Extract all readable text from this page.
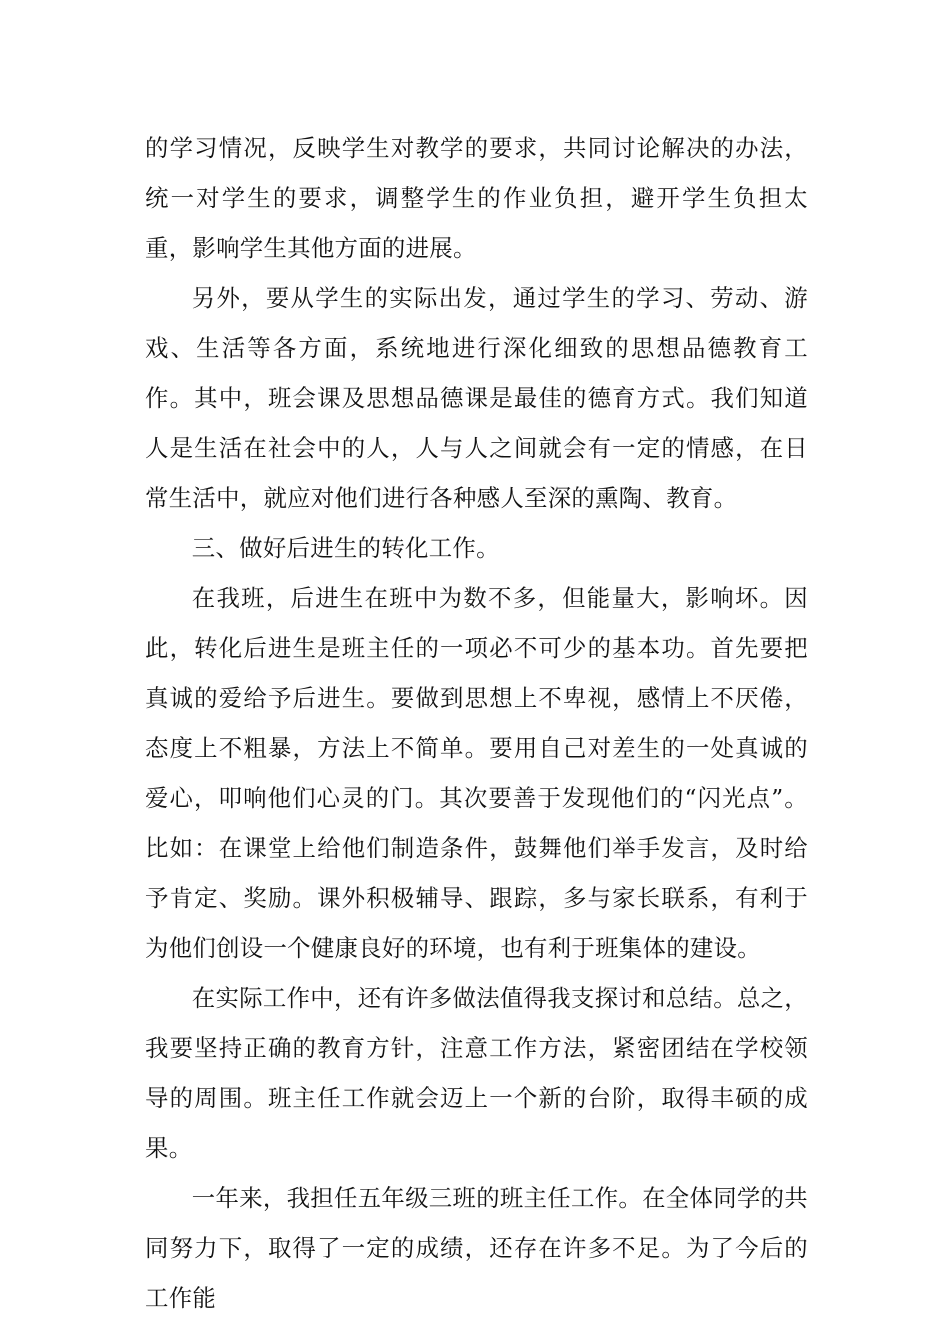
的学习情况，反映学生对教学的要求，共同讨论解决的办法，统一对学生的要求，调整学生的作业负担，避开学生负担太重，影响学生其他方面的进展。

另外，要从学生的实际出发，通过学生的学习、劳动、游戏、生活等各方面，系统地进行深化细致的思想品德教育工作。其中，班会课及思想品德课是最佳的德育方式。我们知道人是生活在社会中的人，人与人之间就会有一定的情感，在日常生活中，就应对他们进行各种感人至深的熏陶、教育。

三、做好后进生的转化工作。

在我班，后进生在班中为数不多，但能量大，影响坏。因此，转化后进生是班主任的一项必不可少的基本功。首先要把真诚的爱给予后进生。要做到思想上不卑视，感情上不厌倦，态度上不粗暴，方法上不简单。要用自己对差生的一处真诚的爱心，叩响他们心灵的门。其次要善于发现他们的“闪光点”。比如：在课堂上给他们制造条件，鼓舞他们举手发言，及时给予肯定、奖励。课外积极辅导、跟踪，多与家长联系，有利于为他们创设一个健康良好的环境，也有利于班集体的建设。

在实际工作中，还有许多做法值得我支探讨和总结。总之，我要坚持正确的教育方针，注意工作方法，紧密团结在学校领导的周围。班主任工作就会迈上一个新的台阶，取得丰硕的成果。

一年来，我担任五年级三班的班主任工作。在全体同学的共同努力下，取得了一定的成绩，还存在许多不足。为了今后的工作能
